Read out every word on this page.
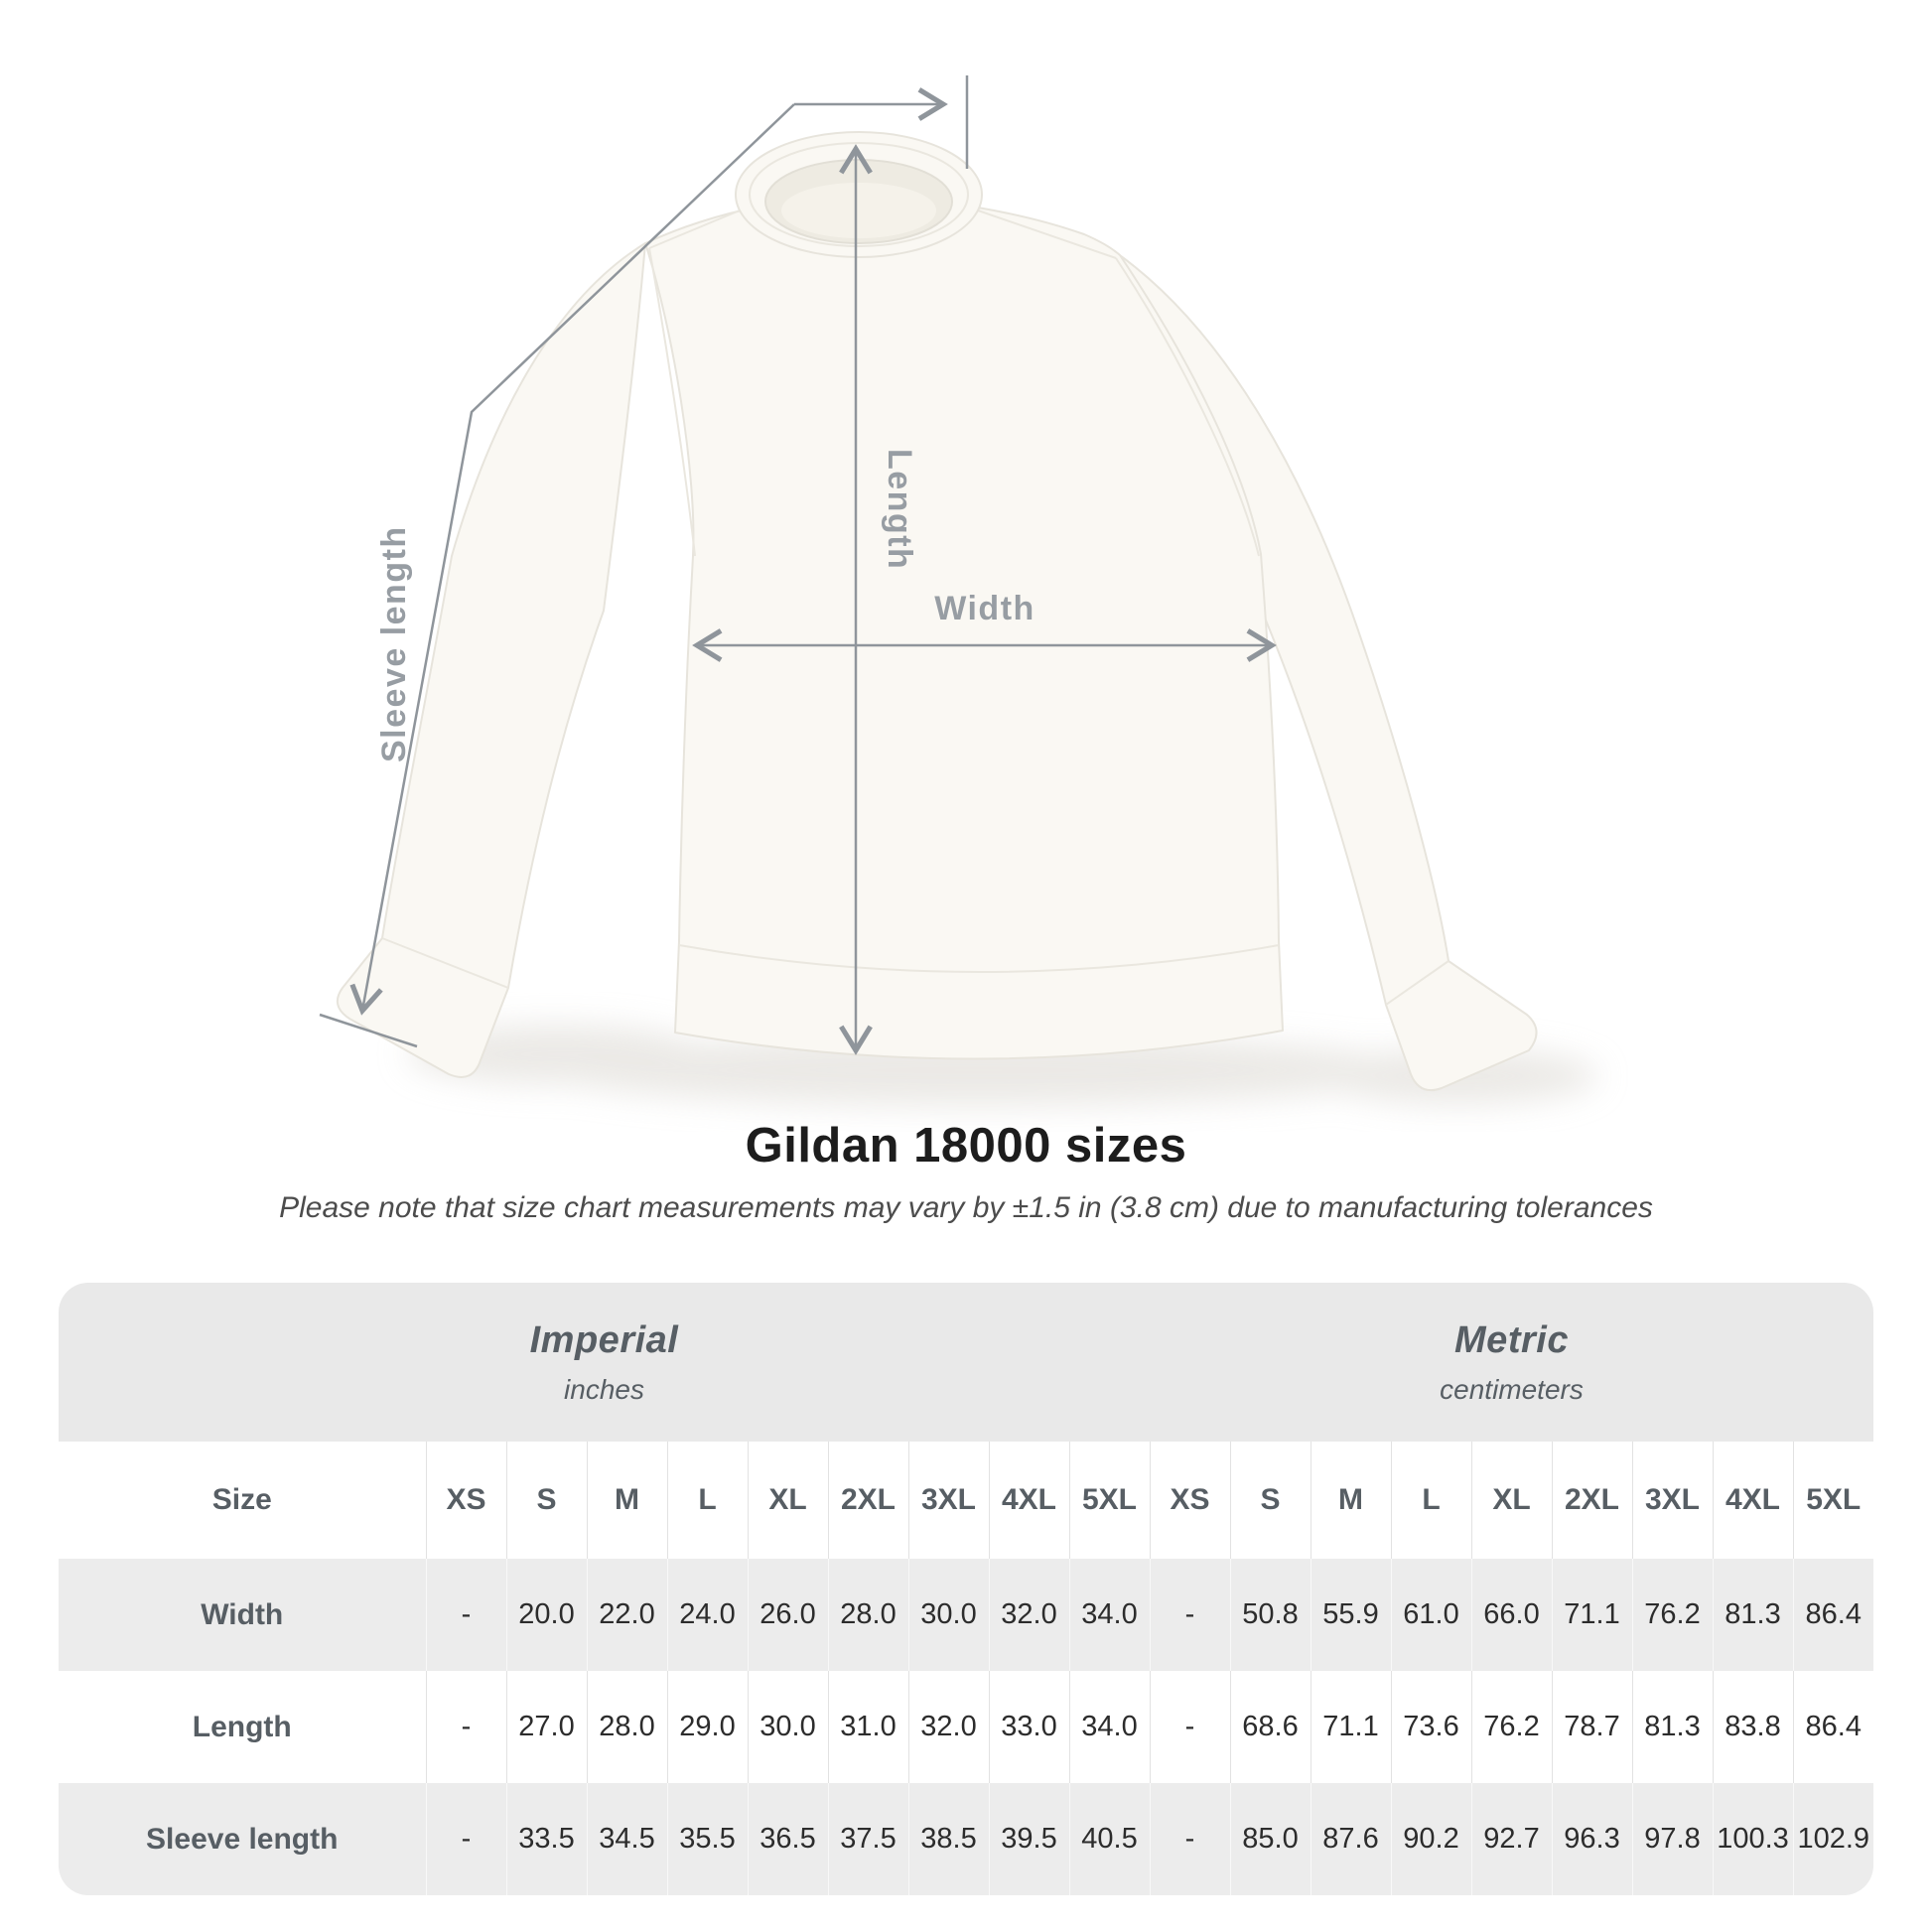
Length
Width
Sleeve length
Gildan 18000 sizes
Please note that size chart measurements may vary by ±1.5 in (3.8 cm) due to manufacturing tolerances
Imperial
inches
Metric
centimeters
Size	XS	S	M	L	XL	2XL	3XL	4XL	5XL	XS	S	M	L	XL	2XL	3XL	4XL	5XL
Width	-	20.0	22.0	24.0	26.0	28.0	30.0	32.0	34.0	-	50.8	55.9	61.0	66.0	71.1	76.2	81.3	86.4
Length	-	27.0	28.0	29.0	30.0	31.0	32.0	33.0	34.0	-	68.6	71.1	73.6	76.2	78.7	81.3	83.8	86.4
Sleeve length	-	33.5	34.5	35.5	36.5	37.5	38.5	39.5	40.5	-	85.0	87.6	90.2	92.7	96.3	97.8	100.3	102.9
